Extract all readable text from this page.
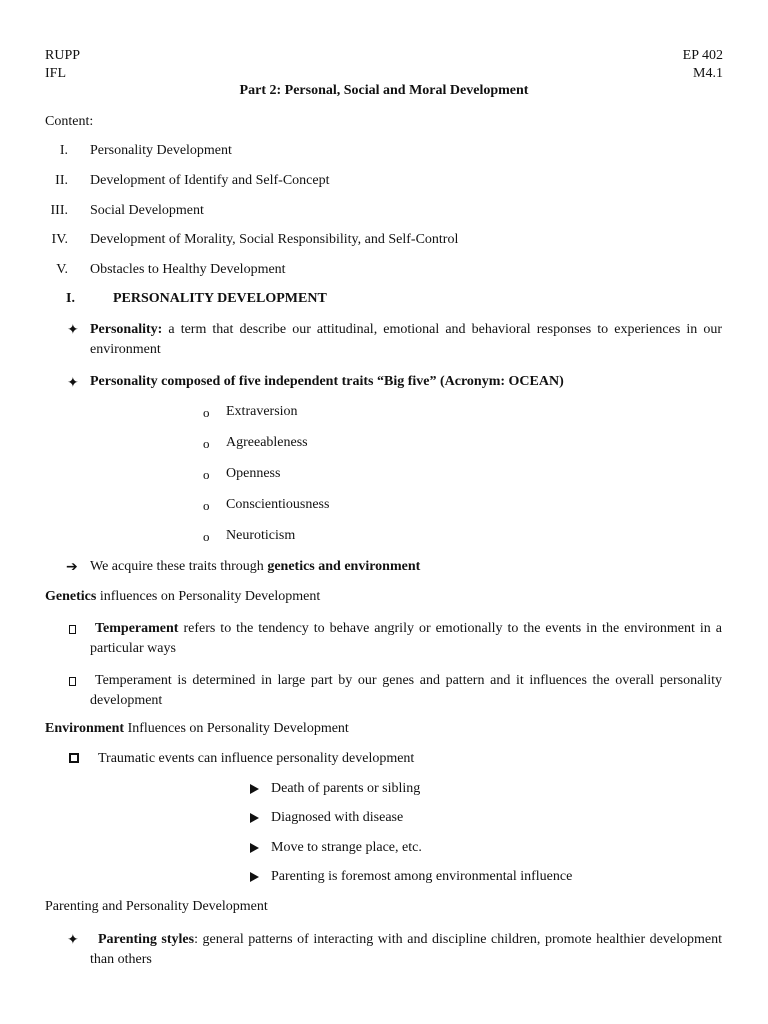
RUPP
IFL
EP 402
M4.1
Part 2: Personal, Social and Moral Development
Content:
I. Personality Development
II. Development of Identify and Self-Concept
III. Social Development
IV. Development of Morality, Social Responsibility, and Self-Control
V. Obstacles to Healthy Development
I.	PERSONALITY DEVELOPMENT
✦ Personality: a term that describe our attitudinal, emotional and behavioral responses to experiences in our environment
✦ Personality composed of five independent traits “Big five” (Acronym: OCEAN)
o Extraversion
o Agreeableness
o Openness
o Conscientiousness
o Neuroticism
➔ We acquire these traits through genetics and environment
Genetics influences on Personality Development
Temperament refers to the tendency to behave angrily or emotionally to the events in the environment in a particular ways
Temperament is determined in large part by our genes and pattern and it influences the overall personality development
Environment Influences on Personality Development
Traumatic events can influence personality development
Death of parents or sibling
Diagnosed with disease
Move to strange place, etc.
Parenting is foremost among environmental influence
Parenting and Personality Development
✦	Parenting styles: general patterns of interacting with and discipline children, promote healthier development than others
